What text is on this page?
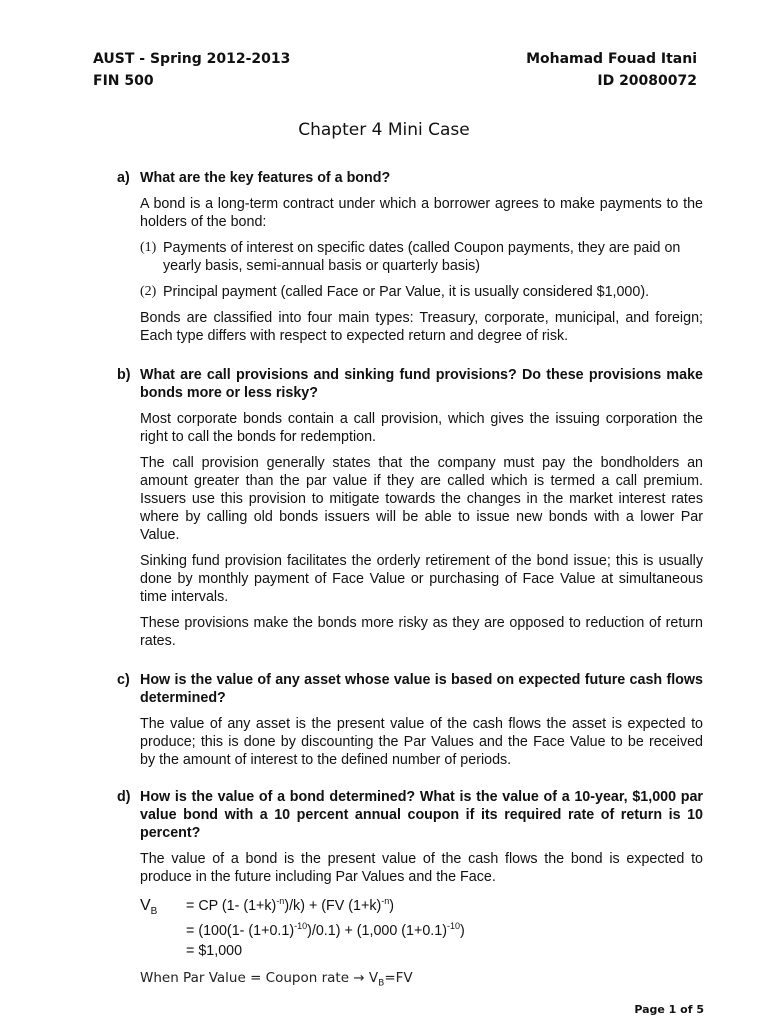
AUST - Spring 2012-2013
FIN 500
Mohamad Fouad Itani
ID 20080072
Chapter 4 Mini Case
a) What are the key features of a bond?
A bond is a long-term contract under which a borrower agrees to make payments to the holders of the bond:
(1) Payments of interest on specific dates (called Coupon payments, they are paid on yearly basis, semi-annual basis or quarterly basis)
(2) Principal payment (called Face or Par Value, it is usually considered $1,000).
Bonds are classified into four main types: Treasury, corporate, municipal, and foreign; Each type differs with respect to expected return and degree of risk.
b) What are call provisions and sinking fund provisions? Do these provisions make bonds more or less risky?
Most corporate bonds contain a call provision, which gives the issuing corporation the right to call the bonds for redemption.
The call provision generally states that the company must pay the bondholders an amount greater than the par value if they are called which is termed a call premium. Issuers use this provision to mitigate towards the changes in the market interest rates where by calling old bonds issuers will be able to issue new bonds with a lower Par Value.
Sinking fund provision facilitates the orderly retirement of the bond issue; this is usually done by monthly payment of Face Value or purchasing of Face Value at simultaneous time intervals.
These provisions make the bonds more risky as they are opposed to reduction of return rates.
c) How is the value of any asset whose value is based on expected future cash flows determined?
The value of any asset is the present value of the cash flows the asset is expected to produce; this is done by discounting the Par Values and the Face Value to be received by the amount of interest to the defined number of periods.
d) How is the value of a bond determined? What is the value of a 10-year, $1,000 par value bond with a 10 percent annual coupon if its required rate of return is 10 percent?
The value of a bond is the present value of the cash flows the bond is expected to produce in the future including Par Values and the Face.
$V_B$	= CP (1- $(1+k)^{-n})/k) + (FV$ $(1+k)^{-n}$)
= (100(1- $(1+0.1)^{-10})/0.1) + (1,000$ $(1+0.1)^{-10}$)
= $1,000
When Par Value = Coupon rate → $V_B=FV$
Page 1 of 5
